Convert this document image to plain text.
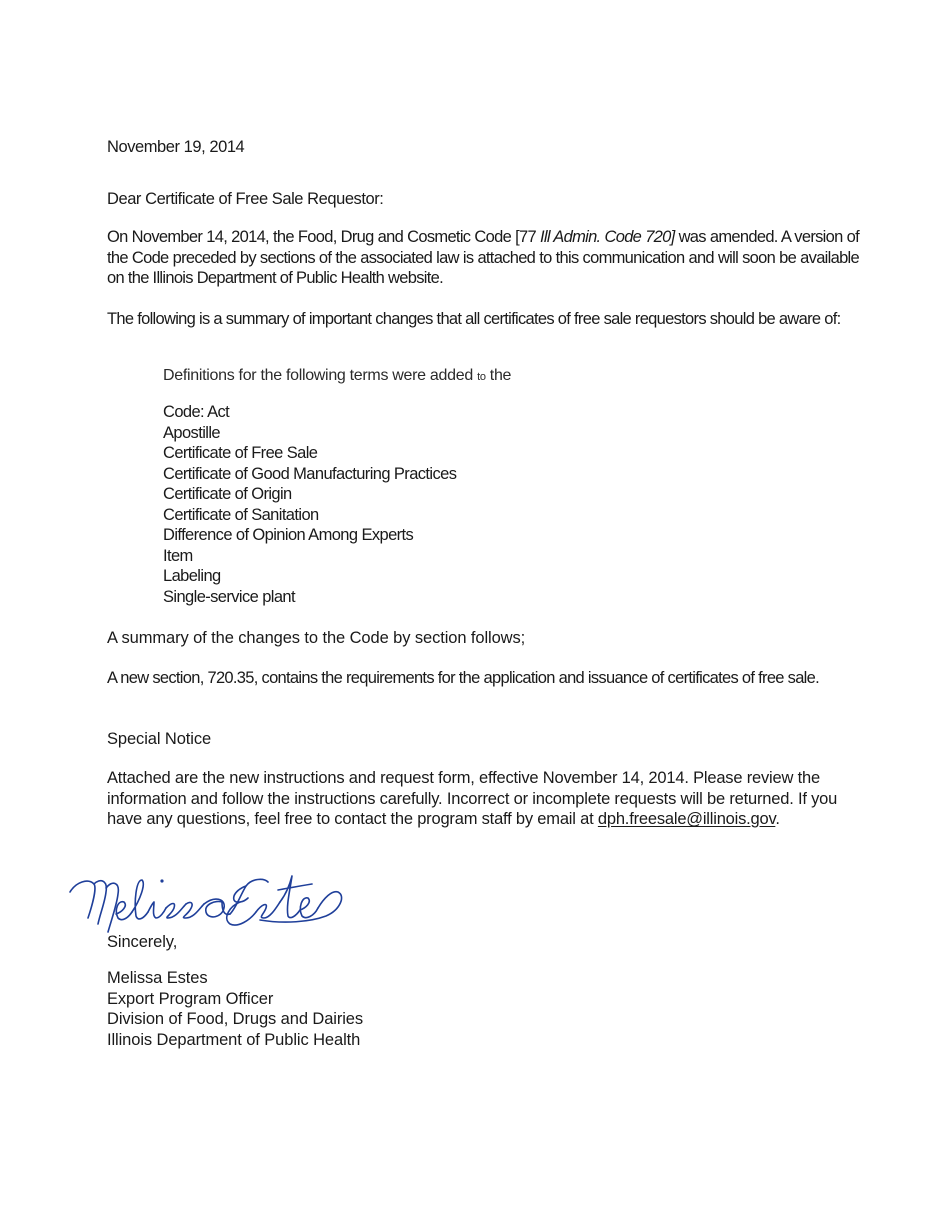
November 19, 2014
Dear Certificate of Free Sale Requestor:
On November 14, 2014, the Food, Drug and Cosmetic Code [77 Ill Admin. Code 720] was amended. A version of the Code preceded by sections of the associated law is attached to this communication and will soon be available on the Illinois Department of Public Health website.
The following is a summary of important changes that all certificates of free sale requestors should be aware of:
Definitions for the following terms were added to the
Code: Act
Apostille
Certificate of Free Sale
Certificate of Good Manufacturing Practices
Certificate of Origin
Certificate of Sanitation
Difference of Opinion Among Experts
Item
Labeling
Single-service plant
A summary of the changes to the Code by section follows;
A new section, 720.35, contains the requirements for the application and issuance of certificates of free sale.
Special Notice
Attached are the new instructions and request form, effective November 14, 2014. Please review the information and follow the instructions carefully. Incorrect or incomplete requests will be returned. If you have any questions, feel free to contact the program staff by email at dph.freesale@illinois.gov.
Sincerely,
Melissa Estes
Export Program Officer
Division of Food, Drugs and Dairies
Illinois Department of Public Health
